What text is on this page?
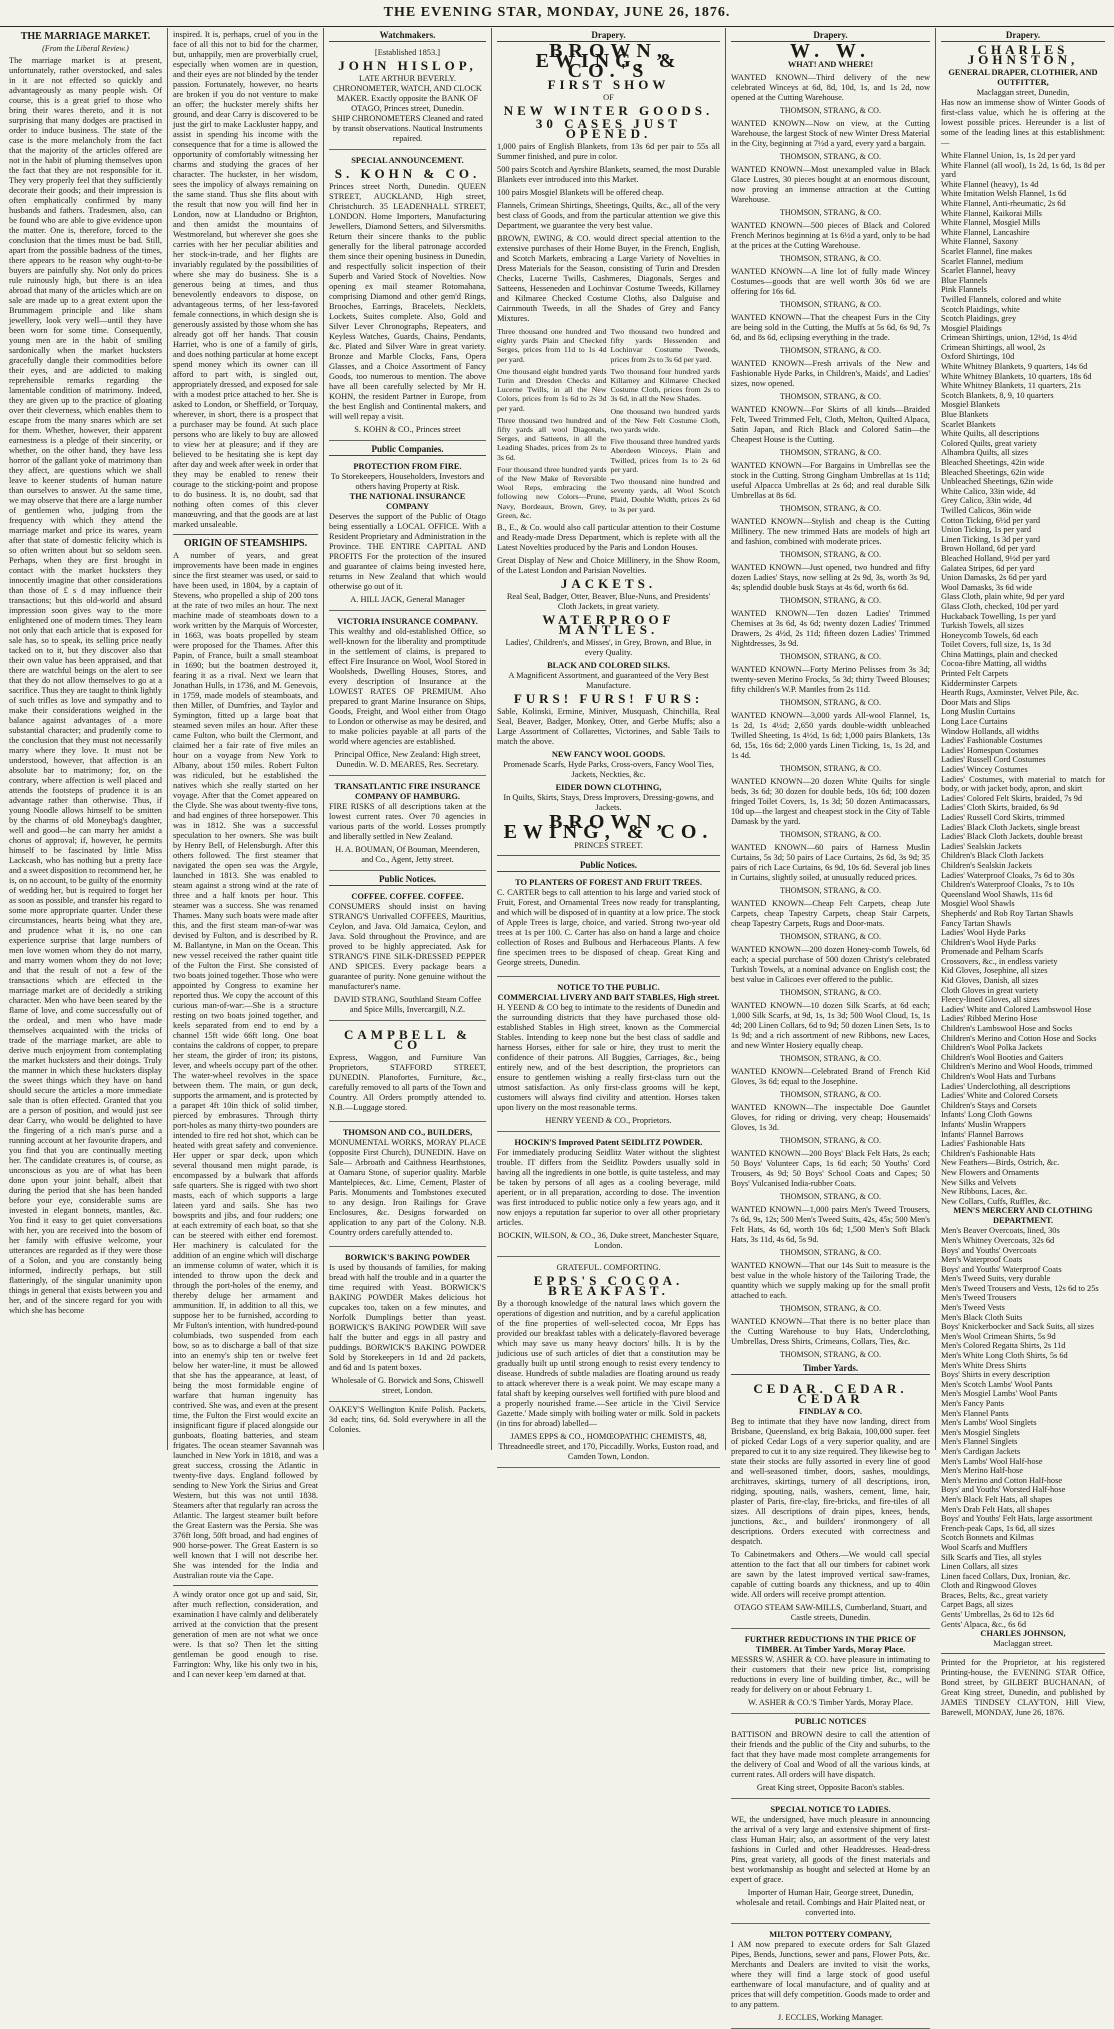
THE EVENING STAR, MONDAY, JUNE 26, 1876.
THE MARRIAGE MARKET.
(From the Liberal Review.)

The marriage market is at present, unfortunately, rather overstocked, and sales in it are not effected so quickly and advantageously as many people wish. Of course, this is a great grief to those who bring their wares thereto, and it is not surprising that many dodges are practised in order to induce business. The state of the case is the more melancholy from the fact that the majority of the articles offered are not in the habit of pluming themselves upon the fact that they are not responsible for it. They very properly feel that they sufficiently decorate their goods; and their impression is often emphatically confirmed by many husbands and fathers. Tradesmen, also, can be found who are able to give evidence upon the matter. One is, therefore, forced to the conclusion that the times must be bad. Still, apart from the possible badness of the times, there appears to be reason why ought-to-be buyers are painfully shy. Not only do prices rule ruinously high, but there is an idea abroad that many of the articles which are on sale are made up to a great extent upon the Brummagem principle and like sham jewellery, look very well—until they have been worn for some time. Consequently, young men are in the habit of smiling sardonically when the market hucksters gracefully dangle their commodities before their eyes, and are addicted to making reprehensible remarks regarding the lamentable condition of matrimony. Indeed, they are given up to the practice of gloating over their cleverness, which enables them to escape from the many snares which are set for them. Whether, however, their apparent earnestness is a pledge of their sincerity, or whether, on the other hand, they have less horror of the gallant yoke of matrimony than they affect, are questions which we shall leave to keener students of human nature than ourselves to answer. At the same time, we may observe that there are a large number of gentlemen who, judging from the frequency with which they attend the marriage market and price its wares, yearn after that state of domestic felicity which is so often written about but so seldom seen. Perhaps, when they are first brought in contact with the market hucksters they innocently imagine that other considerations than those of £ s d may influence their transactions; but this old-world and absurd impression soon gives way to the more enlightened one of modern times. They learn not only that each article that is exposed for sale has, so to speak, its selling price neatly tacked on to it, but they discover also that their own value has been appraised, and that there are watchful beings on the alert to see that they do not allow themselves to go at a sacrifice. Thus they are taught to think lightly of such trifles as love and sympathy and to make their considerations weighed in the balance against advantages of a more substantial character; and prudently come to the conclusion that they must not necessarily marry where they love. It must not be understood, however, that affection is an absolute bar to matrimony; for, on the contrary, where affection is well placed and attends the footsteps of prudence it is an advantage rather than otherwise. Thus, if young Noodle allows himself to be smitten by the charms of old Moneybag's daughter, well and good—he can marry her amidst a chorus of approval; if, however, he permits himself to be fascinated by little Miss Lackcash, who has nothing but a pretty face and a sweet disposition to recommend her, he is, on no account, to be guilty of the enormity of wedding her, but is required to forget her as soon as possible, and transfer his regard to some more appropriate quarter. Under these circumstances, hearts being what they are, and prudence what it is, no one can experience surprise that large numbers of men love women whom they do not marry, and marry women whom they do not love; and that the result of not a few of the transactions which are effected in the marriage market are of decidedly a striking character. Men who have been seared by the flame of love, and come successfully out of the ordeal, and men who have made themselves acquainted with the tricks of trade of the marriage market, are able to derive much enjoyment from contemplating the market hucksters and their doings. Truly the manner in which these hucksters display the sweet things which they have on hand should secure the articles a more immediate sale than is often effected. Granted that you are a person of position, and would just see dear Carry, who would be delighted to have the fingering of a rich man's purse and a running account at her favourite drapers, and you find that you are continually meeting her. The candidate creatures is, of course, as unconscious as you are of what has been done upon your joint behalf, albeit that during the period that she has been handed before your eye, considerable sums are invested in elegant bonnets, mantles, &c. You find it easy to get quiet conversations with her, you are received into the bosom of her family with effusive welcome, your utterances are regarded as if they were those of a Solon, and you are constantly being informed, indirectly perhaps, but still flatteringly, of the singular unanimity upon things in general that exists between you and her, and of the sincere regard for you with which she has become

inspired. It is, perhaps, cruel of you in the face of all this not to bid for the charmer, but, unhappily, men are proverbially cruel, especially when women are in question, and their eyes are not blinded by the tender passion. Fortunately, however, no hearts are broken if you do not venture to make an offer; the huckster merely shifts her ground, and dear Carry is discovered to be just the girl to make Lackluster happy, and assist in spending his income with the consequence that for a time is allowed the opportunity of comfortably witnessing her charms and studying the graces of her character. The huckster, in her wisdom, sees the impolicy of always remaining on the same stand. Thus she flits about with the result that now you will find her in London, now at Llandudno or Brighton, and then amidst the mountains of Westmoreland, but wherever she goes she carries with her her peculiar abilities and her stock-in-trade, and her flights are invariably regulated by the possibilities of where she may do business. She is a generous being at times, and thus benevolently endeavors to dispose, on advantageous terms, of her less-favored female connections, in which design she is generously assisted by those whom she has already got off her hands. That cousin Harriet, who is one of a family of girls, and does nothing particular at home except spend money which its owner can ill afford to part with, is singled out, appropriately dressed, and exposed for sale with a modest price attached to her. She is asked to London, or Sheffield, or Torquay, wherever, in short, there is a prospect that a purchaser may be found. At such place persons who are likely to buy are allowed to view her at pleasure; and if they are believed to be hesitating she is kept day after day and week after week in order that they may be enabled to renew their courage to the sticking-point and propose to do business. It is, no doubt, sad that nothing often comes of this clever manœuvring, and that the goods are at last marked unsaleable.

ORIGIN OF STEAMSHIPS.

A number of years, and great improvements have been made in engines since the first steamer was used, or said to have been used, in 1804, by a captain of Stevens, who propelled a ship of 200 tons at the rate of two miles an hour. The next machine made of steamboats down to a work written by the Marquis of Worcester, in 1663, was boats propelled by steam were proposed for the Thames. After this Papin, of France, built a small steamboat in 1690; but the boatmen destroyed it, fearing it as a rival. Next we learn that Jonathan Hulls, in 1736, and M. Genevois, in 1759, made models of steamboats, and then Miller, of Dumfries, and Taylor and Symington, fitted up a large boat that steamed seven miles an hour. After these came Fulton, who built the Clermont, and claimed her a fair rate of five miles an hour on a voyage from New York to Albany, about 150 miles. Robert Fulton was ridiculed, but he established the natives which she really started on her voyage. After that the Comet appeared on the Clyde. She was about twenty-five tons, and had engines of three horsepower. This was in 1812. She was a successful speculation to her owners. She was built by Henry Bell, of Helensburgh. After this others followed. The first steamer that navigated the open sea was the Argyle, launched in 1813. She was enabled to steam against a strong wind at the rate of three and a half knots per hour. This steamer was a success. She was renamed Thames. Many such boats were made after this, and the first steam man-of-war was devised by Fulton, and is described by R. M. Ballantyne, in Man on the Ocean. This new vessel received the rather quaint title of the Fulton the First. She consisted of two boats joined together. Those who were appointed by Congress to examine her reported thus. We copy the account of this curious man-of-war:—She is a structure resting on two boats joined together, and keels separated from end to end by a channel 15ft wide 66ft long. One boat contains the caldrons of copper, to prepare her steam, the girder of iron; its pistons, lever, and wheels occupy part of the other. The water-wheel revolves in the space between them. The main, or gun deck, supports the armament, and is protected by a parapet 4ft 10in thick of solid timber, pierced by embrasures. Through thirty port-holes as many thirty-two pounders are intended to fire red hot shot, which can be heated with great safety and convenience. Her upper or spar deck, upon which several thousand men might parade, is encompassed by a bulwark that affords safe quarters. She is rigged with two short masts, each of which supports a large lateen yard and sails. She has two bowsprits and jibs, and four rudders; one at each extremity of each boat, so that she can be steered with either end foremost. Her machinery is calculated for the addition of an engine which will discharge an immense column of water, which it is intended to throw upon the deck and through the port-holes of the enemy, and thereby deluge her armament and ammunition. If, in addition to all this, we suppose her to be furnished, according to Mr Fulton's intention, with hundred-pound columbiads, two suspended from each bow, so as to discharge a ball of that size into an enemy's ship ten or twelve feet below her water-line, it must be allowed that she has the appearance, at least, of being the most formidable engine of warfare that human ingenuity has contrived. She was, and even at the present time, the Fulton the First would excite an insignificant figure if placed alongside our gunboats, floating batteries, and steam frigates. The ocean steamer Savannah was launched in New York in 1818, and was a great success, crossing the Atlantic in twenty-five days. England followed by sending to New York the Sirius and Great Western, but this was not until 1838. Steamers after that regularly ran across the Atlantic. The largest steamer built before the Great Eastern was the Persia. She was 376ft long, 50ft broad, and had engines of 900 horse-power. The Great Eastern is so well known that I will not describe her. She was intended for the India and Australian route via the Cape.

A windy orator once got up and said, Sir, after much reflection, consideration, and examination I have calmly and deliberately arrived at the conviction that the present generation of men are not what we once were. Is that so? Then let the sitting gentleman be good enough to rise. Farrington: Why, like his only two in his, and I can never keep 'em darned at that.

Watchmakers.
[Established 1853.]
JOHN HISLOP,
LATE ARTHUR BEVERLY.
CHRONOMETER, WATCH, AND CLOCK MAKER. Exactly opposite the BANK OF OTAGO, Princes street, Dunedin.
SHIP CHRONOMETERS Cleaned and rated by transit observations. Nautical Instruments repaired.
SPECIAL ANNOUNCEMENT.
S. KOHN & CO.

Princes street North, Dunedin. QUEEN STREET, AUCKLAND, High street, Christchurch. 35 LEADENHALL STREET, LONDON. Home Importers, Manufacturing Jewellers, Diamond Setters, and Silversmiths. Return their sincere thanks to the public generally for the liberal patronage accorded them since their opening business in Dunedin, and respectfully solicit inspection of their Superb and Varied Stock of Novelties. Now opening ex mail steamer Rotomahana, comprising Diamond and other gem'd Rings, Brooches, Earrings, Bracelets, Necklets, Lockets, Suites complete. Also, Gold and Silver Lever Chronographs, Repeaters, and Keyless Watches, Guards, Chains, Pendants, &c. Plated and Silver Ware in great variety. Bronze and Marble Clocks, Fans, Opera Glasses, and a Choice Assortment of Fancy Goods, too numerous to mention. The above have all been carefully selected by Mr H. KOHN, the resident Partner in Europe, from the best English and Continental makers, and will well repay a visit.

S. KOHN & CO., Princes street
Public Companies.
PROTECTION FROM FIRE.
To Storekeepers, Householders, Investors and others having Property at Risk.
THE NATIONAL INSURANCE COMPANY

Deserves the support of the Public of Otago being essentially a LOCAL OFFICE. With a Resident Proprietary and Administration in the Province. THE ENTIRE CAPITAL AND PROFITS For the protection of the insured and guarantee of claims being invested here, returns in New Zealand that which would otherwise go out of it.

A. HILL JACK, General Manager
VICTORIA INSURANCE COMPANY.

This wealthy and old-established Office, so well-known for the liberality and promptitude in the settlement of claims, is prepared to effect Fire Insurance on Wool, Wool Stored in Woolsheds, Dwelling Houses, Stores, and every description of Insurance at the LOWEST RATES OF PREMIUM. Also prepared to grant Marine Insurance on Ships, Goods, Freight, and Wool either from Otago to London or otherwise as may be desired, and to make policies payable at all parts of the world where agencies are established.

Principal Office, New Zealand: High street, Dunedin. W. D. MEARES, Res. Secretary.
TRANSATLANTIC FIRE INSURANCE COMPANY OF HAMBURG.

FIRE RISKS of all descriptions taken at the lowest current rates. Over 70 agencies in various parts of the world. Losses promptly and liberally settled in New Zealand.

H. A. BOUMAN, Of Bouman, Meenderen, and Co., Agent, Jetty street.
Public Notices.
COFFEE. COFFEE. COFFEE.

CONSUMERS should insist on having STRANG'S Unrivalled COFFEES, Mauritius, Ceylon, and Java. Old Jamaica, Ceylon, and Java. Sold throughout the Province, and are proved to be highly appreciated. Ask for STRANG'S FINE SILK-DRESSED PEPPER AND SPICES. Every package bears a guarantee of purity. None genuine without the manufacturer's name.

DAVID STRANG, Southland Steam Coffee and Spice Mills, Invercargill, N.Z.
CAMPBELL & CO

Express, Waggon, and Furniture Van Proprietors, STAFFORD STREET, DUNEDIN. Planofortes, Furniture, &c., carefully removed to all parts of the Town and Country. All Orders promptly attended to. N.B.—Luggage stored.

THOMSON AND CO., BUILDERS,

MONUMENTAL WORKS, MORAY PLACE (opposite First Church), DUNEDIN. Have on Sale— Arbroath and Caithness Hearthstones, at Oamaru Stone, of superior quality. Marble Mantelpieces, &c. Lime, Cement, Plaster of Paris. Monuments and Tombstones executed to any design. Iron Railings for Grave Enclosures, &c. Designs forwarded on application to any part of the Colony. N.B. Country orders carefully attended to.

BORWICK'S BAKING POWDER

Is used by thousands of families, for making bread with half the trouble and in a quarter the time required with Yeast. BORWICK'S BAKING POWDER Makes delicious hot cupcakes too, taken on a few minutes, and Norfolk Dumplings better than yeast. BORWICK'S BAKING POWDER Will save half the butter and eggs in all pastry and puddings. BORWICK'S BAKING POWDER Sold by Storekeepers in 1d and 2d packets, and 6d and 1s patent boxes.

Wholesale of G. Borwick and Sons, Chiswell street, London.

OAKEY'S Wellington Knife Polish. Packets, 3d each; tins, 6d. Sold everywhere in all the Colonies.

Drapery.
BROWN, EWING, & CO.'S
FIRST SHOW
OF
NEW WINTER GOODS.
30 CASES JUST OPENED.

1,000 pairs of English Blankets, from 13s 6d per pair to 55s all Summer finished, and pure in color.

500 pairs Scotch and Ayrshire Blankets, seamed, the most Durable Blankets ever introduced into this Market.

100 pairs Mosgiel Blankets will be offered cheap.

Flannels, Crimean Shirtings, Sheetings, Quilts, &c., all of the very best class of Goods, and from the particular attention we give this Department, we guarantee the very best value.

BROWN, EWING, & CO. would direct special attention to the extensive purchases of their Home Buyer, in the French, English, and Scotch Markets, embracing a Large Variety of Novelties in Dress Materials for the Season, consisting of Turin and Dresden Checks, Lucerne Twills, Cashmeres, Diagonals, Serges and Satteens, Hesseneden and Lochinvar Costume Tweeds, Killarney and Kilmaree Checked Costume Cloths, also Dalguise and Cairnmouth Tweeds, in all the Shades of Grey and Fancy Mixtures.

Three thousand one hundred and eighty yards Plain and Checked Serges, prices from 11d to 1s 4d per yard.

One thousand eight hundred yards Turin and Dresden Checks and Lucerne Twills, in all the New Colors, prices from 1s 6d to 2s 3d per yard.

Three thousand two hundred and fifty yards all wool Diagonals, Serges, and Satteens, in all the Leading Shades, prices from 2s to 3s 6d.

Four thousand three hundred yards of the New Make of Reversible Wool Reps, embracing the following new Colors—Prune, Navy, Bordeaux, Brown, Grey, Green, &c.

Two thousand two hundred and fifty yards Hessenden and Lochinvar Costume Tweeds, prices from 2s to 3s 6d per yard.

Two thousand four hundred yards Killarney and Kilmaree Checked Costume Cloth, prices from 2s to 3s 6d, in all the New Shades.

One thousand two hundred yards of the New Felt Costume Cloth, two yards wide.

Five thousand three hundred yards Aberdeen Winceys, Plain and Twilled, prices from 1s to 2s 6d per yard.

Two thousand nine hundred and seventy yards, all Wool Scotch Plaid, Double Width, prices 2s 6d to 3s per yard.

B., E., & Co. would also call particular attention to their Costume and Ready-made Dress Department, which is replete with all the Latest Novelties produced by the Paris and London Houses.

Great Display of New and Choice Millinery, in the Show Room, of the Latest London and Parisian Novelties.

JACKETS.

Real Seal, Badger, Otter, Beaver, Blue-Nuns, and Presidents' Cloth Jackets, in great variety.

WATERPROOF MANTLES.

Ladies', Children's, and Misses', in Grey, Brown, and Blue, in every Quality.

BLACK AND COLORED SILKS.

A Magnificent Assortment, and guaranteed of the Very Best Manufacture.

FURS! FURS! FURS:

Sable, Kolinski, Ermine, Miniver, Musquash, Chinchilla, Real Seal, Beaver, Badger, Monkey, Otter, and Gerbe Muffs; also a Large Assortment of Collarettes, Victorines, and Sable Tails to match the above.

NEW FANCY WOOL GOODS.

Promenade Scarfs, Hyde Parks, Cross-overs, Fancy Wool Ties, Jackets, Neckties, &c.

EIDER DOWN CLOTHING,

In Quilts, Skirts, Stays, Dress Improvers, Dressing-gowns, and Jackets.

BROWN, EWING, & CO.
PRINCES STREET.
Public Notices.
TO PLANTERS OF FOREST AND FRUIT TREES.

C. CARTER begs to call attention to his large and varied stock of Fruit, Forest, and Ornamental Trees now ready for transplanting, and which will be disposed of in quantity at a low price. The stock of Apple Trees is large, choice, and varied. Strong two-year old trees at 1s per 100. C. Carter has also on hand a large and choice collection of Roses and Bulbous and Herbaceous Plants. A few fine specimen trees to be disposed of cheap. Great King and George streets, Dunedin.

NOTICE TO THE PUBLIC.
COMMERCIAL LIVERY AND BAIT STABLES, High street.

H. YEEND & CO beg to intimate to the residents of Dunedin and the surrounding districts that they have purchased those old-established Stables in High street, known as the Commercial Stables. Intending to keep none but the best class of saddle and harness Horses, either for sale or hire, they trust to merit the confidence of their patrons. All Buggies, Carriages, &c., being entirely new, and of the best description, the proprietors can ensure to gentlemen wishing a really first-class turn out the utmost satisfaction. As only first-class grooms will be kept, customers will always find civility and attention. Horses taken upon livery on the most reasonable terms.

HENRY YEEND & CO., Proprietors.
HOCKIN'S Improved Patent SEIDLITZ POWDER.

For immediately producing Seidlitz Water without the slightest trouble. IT differs from the Seidlitz Powders usually sold in having all the ingredients in one bottle, is quite tasteless, and may be taken by persons of all ages as a cooling beverage, mild aperient, or in all preparation, according to dose. The invention was first introduced to public notice only a few years ago, and it now enjoys a reputation far superior to over all other proprietary articles.

BOCKIN, WILSON, & CO., 36, Duke street, Manchester Square, London.
GRATEFUL. COMFORTING.
EPPS'S COCOA. BREAKFAST.

By a thorough knowledge of the natural laws which govern the operations of digestion and nutrition, and by a careful application of the fine properties of well-selected cocoa, Mr Epps has provided our breakfast tables with a delicately-flavored beverage which may save us many heavy doctors' bills. It is by the judicious use of such articles of diet that a constitution may be gradually built up until strong enough to resist every tendency to disease. Hundreds of subtle maladies are floating around us ready to attack wherever there is a weak point. We may escape many a fatal shaft by keeping ourselves well fortified with pure blood and a properly nourished frame.—See article in the 'Civil Service Gazette.' Made simply with boiling water or milk. Sold in packets (in tins for abroad) labelled—

JAMES EPPS & CO., HOMŒOPATHIC CHEMISTS, 48, Threadneedle street, and 170, Piccadilly. Works, Euston road, and Camden Town, London.
Drapery.
W. W.
WHAT! AND WHERE!

WANTED KNOWN—Third delivery of the new celebrated Winceys at 6d, 8d, 10d, 1s, and 1s 2d, now opened at the Cutting Warehouse.

THOMSON, STRANG, & CO.

WANTED KNOWN—Now on view, at the Cutting Warehouse, the largest Stock of new Winter Dress Material in the City, beginning at 7½d a yard, every yard a bargain.

THOMSON, STRANG, & CO.

WANTED KNOWN—Most unexampled value in Black Glace Lustres, 30 pieces bought at an enormous discount, now proving an immense attraction at the Cutting Warehouse.

THOMSON, STRANG, & CO.

WANTED KNOWN—500 pieces of Black and Colored French Merinos beginning at 1s 6½d a yard, only to be had at the prices at the Cutting Warehouse.

THOMSON, STRANG, & CO.

WANTED KNOWN—A line lot of fully made Wincey Costumes—goods that are well worth 30s 6d we are offering for 16s 6d.

THOMSON, STRANG, & CO.

WANTED KNOWN—That the cheapest Furs in the City are being sold in the Cutting, the Muffs at 5s 6d, 6s 9d, 7s 6d, and 8s 6d, eclipsing everything in the trade.

THOMSON, STRANG, & CO.

WANTED KNOWN—Fresh arrivals of the New and Fashionable Hyde Parks, in Children's, Maids', and Ladies' sizes, now opened.

THOMSON, STRANG, & CO.

WANTED KNOWN—For Skirts of all kinds—Braided Felt, Tweed Trimmed Felt, Cloth, Melton, Quilted Alpaca, Satin Japan, and Rich Black and Colored Satin—the Cheapest House is the Cutting.

THOMSON, STRANG, & CO.

WANTED KNOWN—For Bargains in Umbrellas see the stock in the Cutting. Strong Gingham Umbrellas at 1s 11d; useful Alpacca Umbrellas at 2s 6d; and real durable Silk Umbrellas at 8s 6d.

THOMSON, STRANG, & CO.

WANTED KNOWN—Stylish and cheap is the Cutting Millinery. The new trimmed Hats are models of high art and fashion, combined with moderate prices.

THOMSON, STRANG, & CO.

WANTED KNOWN—Just opened, two hundred and fifty dozen Ladies' Stays, now selling at 2s 9d, 3s, worth 3s 9d, 4s; splendid double busk Stays at 4s 6d, worth 6s 6d.

THOMSON, STRANG, & CO.

WANTED KNOWN—Ten dozen Ladies' Trimmed Chemises at 3s 6d, 4s 6d; twenty dozen Ladies' Trimmed Drawers, 2s 4½d, 2s 11d; fifteen dozen Ladies' Trimmed Nightdresses, 3s 9d.

THOMSON, STRANG, & CO.

WANTED KNOWN—Forty Merino Pelisses from 3s 3d; twenty-seven Merino Frocks, 5s 3d; thirty Tweed Blouses; fifty children's W.P. Mantles from 2s 11d.

THOMSON, STRANG, & CO.

WANTED KNOWN—3,000 yards All-wool Flannel, 1s, 1s 2d, 1s 4½d; 2,650 yards double-width unbleached Twilled Sheeting, 1s 4½d, 1s 6d; 1,000 pairs Blankets, 13s 6d, 15s, 16s 6d; 2,000 yards Linen Ticking, 1s, 1s 2d, and 1s 4d.

THOMSON, STRANG, & CO.

WANTED KNOWN—20 dozen White Quilts for single beds, 3s 6d; 30 dozen for double beds, 10s 6d; 100 dozen fringed Toilet Covers, 1s, 1s 3d; 50 dozen Antimacassars, 10d up—the largest and cheapest stock in the City of Table Damask by the yard.

THOMSON, STRANG, & CO.

WANTED KNOWN—60 pairs of Harness Muslin Curtains, 5s 3d; 50 pairs of Lace Curtains, 2s 6d, 3s 9d; 35 pairs of rich Lace Curtains, 6s 9d, 10s 6d. Several job lines in Curtains, slightly soiled, at unusually reduced prices.

THOMSON, STRANG, & CO.

WANTED KNOWN—Cheap Felt Carpets, cheap Jute Carpets, cheap Tapestry Carpets, cheap Stair Carpets, cheap Tapestry Carpets, Rugs and Door-mats.

THOMSON, STRANG, & CO.

WANTED KNOWN—200 dozen Honey-comb Towels, 6d each; a special purchase of 500 dozen Christy's celebrated Turkish Towels, at a nominal advance on English cost; the best value in Calicoes ever offered to the public.

THOMSON, STRANG, & CO.

WANTED KNOWN—10 dozen Silk Scarfs, at 6d each; 1,000 Silk Scarfs, at 9d, 1s, 1s 3d; 500 Wool Cloud, 1s, 1s 4d; 200 Linen Collars, 6d to 9d; 50 dozen Linen Sets, 1s to 1s 9d; and a rich assortment of new Ribbons, new Laces, and new Winter Hosiery equally cheap.

THOMSON, STRANG, & CO.

WANTED KNOWN—Celebrated Brand of French Kid Gloves, 3s 6d; equal to the Josephine.

THOMSON, STRANG, & CO.

WANTED KNOWN—The inspectable Doe Gauntlet Gloves, for riding or driving, very cheap; Housemaids' Gloves, 1s 3d.

THOMSON, STRANG, & CO.

WANTED KNOWN—200 Boys' Black Felt Hats, 2s each; 50 Boys' Volunteer Caps, 1s 6d each; 50 Youths' Cord Trousers, 4s 9d; 50 Boys' School Coats and Capes; 50 Boys' Vulcanised India-rubber Coats.

THOMSON, STRANG, & CO.

WANTED KNOWN—1,000 pairs Men's Tweed Trousers, 7s 6d, 9s, 12s; 500 Men's Tweed Suits, 42s, 45s; 500 Men's Felt Hats, 4s 6d, worth 10s 6d; 1,500 Men's Soft Black Hats, 3s 11d, 4s 6d, 5s 9d.

THOMSON, STRANG, & CO.

WANTED KNOWN—That our 14s Suit to measure is the best value in the whole history of the Tailoring Trade, the quantity which we supply making up for the small profit attached to each.

THOMSON, STRANG, & CO.

WANTED KNOWN—That there is no better place than the Cutting Warehouse to buy Hats, Underclothing, Umbrellas, Dress Shirts, Crimeans, Collars, Ties, &c.

THOMSON, STRANG, & CO.
Timber Yards.
CEDAR. CEDAR. CEDAR
FINDLAY & CO.

Beg to intimate that they have now landing, direct from Brisbane, Queensland, ex brig Bakaia, 100,000 super. feet of picked Cedar Logs of a very superior quality, and are prepared to cut it to any size required. They likewise beg to state their stocks are fully assorted in every line of good and well-seasoned timber, doors, sashes, mouldings, architraves, skirtings, turnery of all descriptions, iron, ridging, spouting, nails, washers, cement, lime, hair, plaster of Paris, fire-clay, fire-bricks, and fire-tiles of all sizes. All descriptions of drain pipes, knees, bends, junctions, &c., and builders' ironmongery of all descriptions. Orders executed with correctness and despatch.

To Cabinetmakers and Others.—We would call special attention to the fact that all our timbers for cabinet work are sawn by the latest improved vertical saw-frames, capable of cutting boards any thickness, and up to 40in wide. All orders will receive prompt attention.

OTAGO STEAM SAW-MILLS, Cumberland, Stuart, and Castle streets, Dunedin.
FURTHER REDUCTIONS IN THE PRICE OF TIMBER. At Timber Yards, Moray Place.

MESSRS W. ASHER & CO. have pleasure in intimating to their customers that their new price list, comprising reductions in every line of building timber, &c., will be ready for delivery on or about February 1.

W. ASHER & CO.'S Timber Yards, Moray Place.
PUBLIC NOTICES

BATTISON and BROWN desire to call the attention of their friends and the public of the City and suburbs, to the fact that they have made most complete arrangements for the delivery of Coal and Wood of all the various kinds, at current rates. All orders will have dispatch.

Great King street, Opposite Bacon's stables.
SPECIAL NOTICE TO LADIES.

WE, the undersigned, have much pleasure in announcing the arrival of a very large and extensive shipment of first-class Human Hair; also, an assortment of the very latest fashions in Curled and other Headdresses. Head-dress Pins, great variety, all goods of the finest materials and best workmanship as bought and selected at Home by an expert of grace.

Importer of Human Hair, George street, Dunedin, wholesale and retail. Combings and Hair Plaited neat, or converted into.
MILTON POTTERY COMPANY,

I AM now prepared to execute orders for Salt Glazed Pipes, Bends, Junctions, sewer and pans, Flower Pots, &c. Merchants and Dealers are invited to visit the works, where they will find a large stock of good useful earthenware of local manufacture, and of quality and at prices that will defy competition. Goods made to order and to any pattern.

J. ECCLES, Working Manager.
Drapery.
CHARLES JOHNSTON,
GENERAL DRAPER, CLOTHIER, AND OUTFITTER,
Maclaggan street, Dunedin,

Has now an immense show of Winter Goods of first-class value, which he is offering at the lowest possible prices. Hereunder is a list of some of the leading lines at this establishment:—

White Flannel Union, 1s, 1s 2d per yard
White Flannel (all wool), 1s 2d, 1s 6d, 1s 8d per yard
White Flannel (heavy), 1s 4d
White Imitation Welsh Flannel, 1s 6d
White Flannel, Anti-rheumatic, 2s 6d
White Flannel, Kaikorai Mills
White Flannel, Mosgiel Mills
White Flannel, Lancashire
White Flannel, Saxony
Scarlet Flannel, fine makes
Scarlet Flannel, medium
Scarlet Flannel, heavy
Blue Flannels
Pink Flannels
Twilled Flannels, colored and white
Scotch Plaidings, white
Scotch Plaidings, grey
Mosgiel Plaidings
Crimean Shirtings, union, 12½d, 1s 4½d
Crimean Shirtings, all wool, 2s
Oxford Shirtings, 10d
White Whitney Blankets, 9 quarters, 14s 6d
White Whitney Blankets, 10 quarters, 18s 6d
White Whitney Blankets, 11 quarters, 21s
Scotch Blankets, 8, 9, 10 quarters
Mosgiel Blankets
Blue Blankets
Scarlet Blankets
White Quilts, all descriptions
Colored Quilts, great variety
Alhambra Quilts, all sizes
Bleached Sheetings, 42in wide
Bleached Sheetings, 62in wide
Unbleached Sheetings, 62in wide
White Calico, 33in wide, 4d
Grey Calico, 33in wide, 4d
Twilled Calicos, 36in wide
Cotton Ticking, 6½d per yard
Union Ticking, 1s per yard
Linen Ticking, 1s 3d per yard
Brown Holland, 6d per yard
Bleached Holland, 9½d per yard
Galatea Stripes, 6d per yard
Union Damasks, 2s 6d per yard
Wool Damasks, 3s 6d wide
Glass Cloth, plain white, 9d per yard
Glass Cloth, checked, 10d per yard
Huckaback Towelling, 1s per yard
Turkish Towels, all sizes
Honeycomb Towels, 6d each
Toilet Covers, full size, 1s, 1s 3d
China Mattings, plain and checked
Cocoa-fibre Matting, all widths
Printed Felt Carpets
Kidderminster Carpets
Hearth Rugs, Axminster, Velvet Pile, &c.
Door Mats and Slips
Long Muslin Curtains
Long Lace Curtains
Window Hollands, all widths
Ladies' Fashionable Costumes
Ladies' Homespun Costumes
Ladies' Russell Cord Costumes
Ladies' Wincey Costumes
Ladies' Costumes, with material to match for body, or with jacket body, apron, and skirt
Ladies' Colored Felt Skirts, braided, 7s 9d
Ladies' Cloth Skirts, braided, 6s 9d
Ladies' Russell Cord Skirts, trimmed
Ladies' Black Cloth Jackets, single breast
Ladies' Black Cloth Jackets, double breast
Ladies' Sealskin Jackets
Children's Black Cloth Jackets
Children's Sealskin Jackets
Ladies' Waterproof Cloaks, 7s 6d to 30s
Children's Waterproof Cloaks, 7s to 10s
Queensland Wool Shawls, 11s 6d
Mosgiel Wool Shawls
Shepherds' and Rob Roy Tartan Shawls
Fancy Tartan Shawls
Ladies' Wool Hyde Parks
Children's Wool Hyde Parks
Promenade and Pelham Scarfs
Crossovers, &c., in endless variety
Kid Gloves, Josephine, all sizes
Kid Gloves, Danish, all sizes
Cloth Gloves in great variety
Fleecy-lined Gloves, all sizes
Ladies' White and Colored Lambswool Hose
Ladies' Ribbed Merino Hose
Children's Lambswool Hose and Socks
Children's Merino and Cotton Hose and Socks
Children's Wool Polka Jackets
Children's Wool Booties and Gaiters
Children's Merino and Wool Hoods, trimmed
Children's Wool Hats and Turbans
Ladies' Underclothing, all descriptions
Ladies' White and Colored Corsets
Children's Stays and Corsets
Infants' Long Cloth Gowns
Infants' Muslin Wrappers
Infants' Flannel Barrows
Ladies' Fashionable Hats
Children's Fashionable Hats
New Feathers—Birds, Ostrich, &c.
New Flowers and Ornaments
New Silks and Velvets
New Ribbons, Laces, &c.
New Collars, Cuffs, Ruffles, &c.
MEN'S MERCERY AND CLOTHING DEPARTMENT.
Men's Beaver Overcoats, lined, 30s
Men's Whitney Overcoats, 32s 6d
Boys' and Youths' Overcoats
Men's Waterproof Coats
Boys' and Youths' Waterproof Coats
Men's Tweed Suits, very durable
Men's Tweed Trousers and Vests, 12s 6d to 25s
Men's Tweed Trousers
Men's Tweed Vests
Men's Black Cloth Suits
Boys' Knickerbocker and Sack Suits, all sizes
Men's Wool Crimean Shirts, 5s 9d
Men's Colored Regatta Shirts, 2s 11d
Men's White Long Cloth Shirts, 5s 6d
Men's White Dress Shirts
Boys' Shirts in every description
Men's Scotch Lambs' Wool Pants
Men's Mosgiel Lambs' Wool Pants
Men's Fancy Pants
Men's Flannel Pants
Men's Lambs' Wool Singlets
Men's Mosgiel Singlets
Men's Flannel Singlets
Men's Cardigan Jackets
Men's Lambs' Wool Half-hose
Men's Merino Half-hose
Men's Merino and Cotton Half-hose
Boys' and Youths' Worsted Half-hose
Men's Black Felt Hats, all shapes
Men's Drab Felt Hats, all shapes
Boys' and Youths' Felt Hats, large assortment
French-peak Caps, 1s 6d, all sizes
Scotch Bonnets and Kilmas
Wool Scarfs and Mufflers
Silk Scarfs and Ties, all styles
Linen Collars, all sizes
Linen faced Collars, Dux, Ironian, &c.
Cloth and Ringwood Gloves
Braces, Belts, &c., great variety
Carpet Bags, all sizes
Gents' Umbrellas, 2s 6d to 12s 6d
Gents' Alpaca, &c., 6s 6d
CHARLES JOHNSON,
Maclaggan street.

Printed for the Proprietor, at his registered Printing-house, the EVENING STAR Office, Bond street, by GILBERT BUCHANAN, of Great King street, Dunedin, and published by JAMES TINDSEY CLAYTON, Hill View, Barewell, MONDAY, June 26, 1876.
